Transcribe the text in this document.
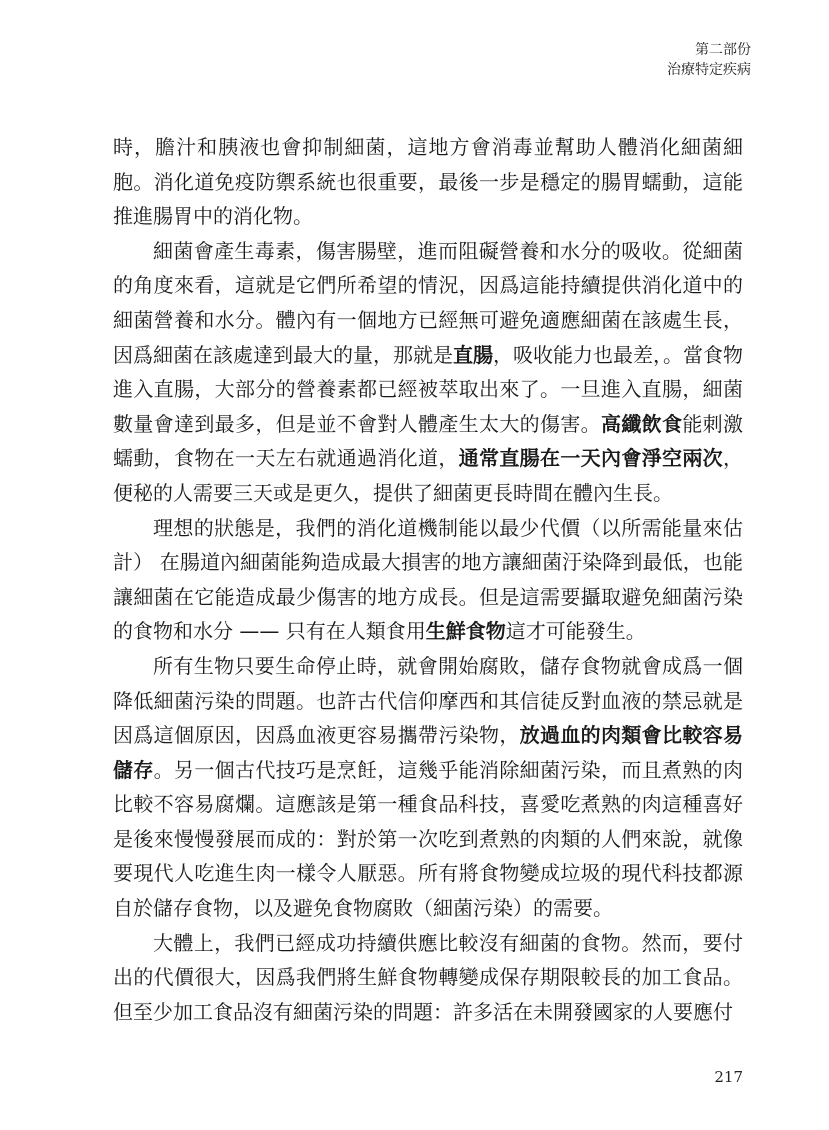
第二部份
治療特定疾病

時，膽汁和胰液也會抑制細菌，這地方會消毒並幫助人體消化細菌細胞。消化道免疫防禦系統也很重要，最後一步是穩定的腸胃蠕動，這能推進腸胃中的消化物。

細菌會產生毒素，傷害腸壁，進而阻礙營養和水分的吸收。從細菌的角度來看，這就是它們所希望的情況，因爲這能持續提供消化道中的細菌營養和水分。體內有一個地方已經無可避免適應細菌在該處生長，因爲細菌在該處達到最大的量，那就是直腸，吸收能力也最差，。當食物進入直腸，大部分的營養素都已經被萃取出來了。一旦進入直腸，細菌數量會達到最多，但是並不會對人體產生太大的傷害。高纖飲食能刺激蠕動，食物在一天左右就通過消化道，通常直腸在一天內會淨空兩次，便秘的人需要三天或是更久，提供了細菌更長時間在體內生長。

理想的狀態是，我們的消化道機制能以最少代價（以所需能量來估計） 在腸道內細菌能夠造成最大損害的地方讓細菌汙染降到最低，也能讓細菌在它能造成最少傷害的地方成長。但是這需要攝取避免細菌污染的食物和水分 —— 只有在人類食用生鮮食物這才可能發生。

所有生物只要生命停止時，就會開始腐敗，儲存食物就會成爲一個降低細菌污染的問題。也許古代信仰摩西和其信徒反對血液的禁忌就是因爲這個原因，因爲血液更容易攜帶污染物，放過血的肉類會比較容易儲存。另一個古代技巧是烹飪，這幾乎能消除細菌污染，而且煮熟的肉比較不容易腐爛。這應該是第一種食品科技，喜愛吃煮熟的肉這種喜好是後來慢慢發展而成的：對於第一次吃到煮熟的肉類的人們來說，就像要現代人吃進生肉一樣令人厭惡。所有將食物變成垃圾的現代科技都源自於儲存食物，以及避免食物腐敗（細菌污染）的需要。

大體上，我們已經成功持續供應比較沒有細菌的食物。然而，要付出的代價很大，因爲我們將生鮮食物轉變成保存期限較長的加工食品。但至少加工食品沒有細菌污染的問題：許多活在未開發國家的人要應付

217
